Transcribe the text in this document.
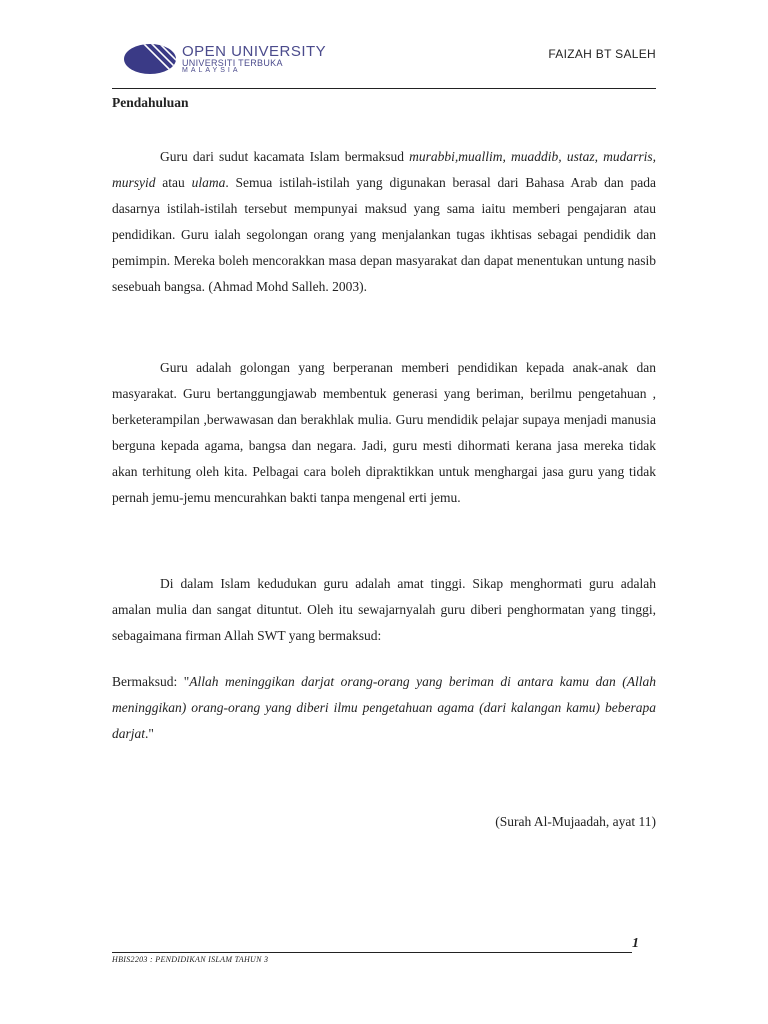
OPEN UNIVERSITY
UNIVERSITI TERBUKA
MALAYSIA
FAIZAH BT SALEH
Pendahuluan

Guru dari sudut kacamata Islam bermaksud murabbi,muallim, muaddib, ustaz, mudarris, mursyid atau ulama. Semua istilah-istilah yang digunakan berasal dari Bahasa Arab dan pada dasarnya istilah-istilah tersebut mempunyai maksud yang sama iaitu memberi pengajaran atau pendidikan. Guru ialah segolongan orang yang menjalankan tugas ikhtisas sebagai pendidik dan pemimpin. Mereka boleh mencorakkan masa depan masyarakat dan dapat menentukan untung nasib sesebuah bangsa. (Ahmad Mohd Salleh. 2003).

Guru adalah golongan yang berperanan memberi pendidikan kepada anak-anak dan masyarakat. Guru bertanggungjawab membentuk generasi yang beriman, berilmu pengetahuan , berketerampilan ,berwawasan dan berakhlak mulia. Guru mendidik pelajar supaya menjadi manusia berguna kepada agama, bangsa dan negara. Jadi, guru mesti dihormati kerana jasa mereka tidak akan terhitung oleh kita. Pelbagai cara boleh dipraktikkan untuk menghargai jasa guru yang tidak pernah jemu-jemu mencurahkan bakti tanpa mengenal erti jemu.

Di dalam Islam kedudukan guru adalah amat tinggi. Sikap menghormati guru adalah amalan mulia dan sangat dituntut. Oleh itu sewajarnyalah guru diberi penghormatan yang tinggi, sebagaimana firman Allah SWT yang bermaksud:

Bermaksud: "Allah meninggikan darjat orang-orang yang beriman di antara kamu dan (Allah meninggikan) orang-orang yang diberi ilmu pengetahuan agama (dari kalangan kamu) beberapa darjat."

(Surah Al-Mujaadah, ayat 11)
1
HBIS2203 : PENDIDIKAN ISLAM TAHUN 3
